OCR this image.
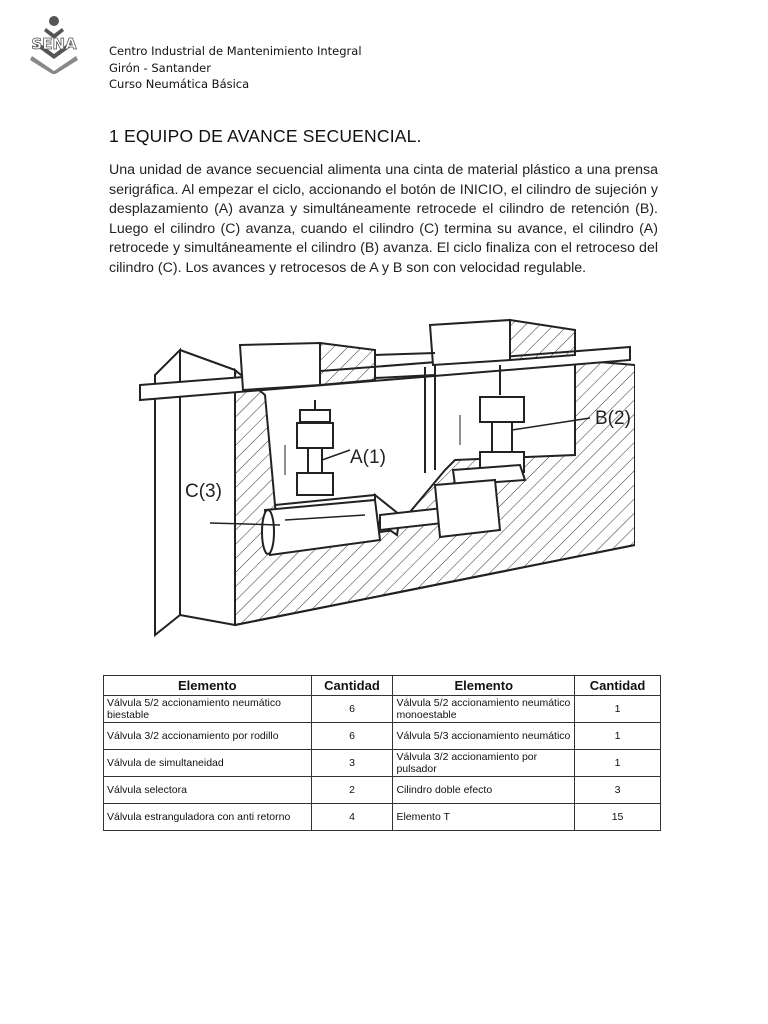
SENA	Centro Industrial de Mantenimiento Integral
Girón - Santander
Curso Neumática Básica
1 EQUIPO DE AVANCE SECUENCIAL.

Una unidad de avance secuencial alimenta una cinta de material plástico a una prensa serigráfica. Al empezar el ciclo, accionando el botón de INICIO, el cilindro de sujeción y desplazamiento (A) avanza y simultáneamente retrocede el cilindro de retención (B). Luego el cilindro (C) avanza, cuando el cilindro (C) termina su avance, el cilindro (A) retrocede y simultáneamente el cilindro (B) avanza. El ciclo finaliza con el retroceso del cilindro (C). Los avances y retrocesos de A y B son con velocidad regulable.

A(1)
B(2)
C(3)
Elemento	Cantidad	Elemento	Cantidad
Válvula 5/2 accionamiento neumático biestable	6	Válvula 5/2 accionamiento neumático monoestable	1
Válvula 3/2 accionamiento por rodillo	6	Válvula 5/3 accionamiento neumático	1
Válvula de simultaneidad	3	Válvula 3/2 accionamiento por pulsador	1
Válvula selectora	2	Cilindro doble efecto	3
Válvula estranguladora con anti retorno	4	Elemento T	15
